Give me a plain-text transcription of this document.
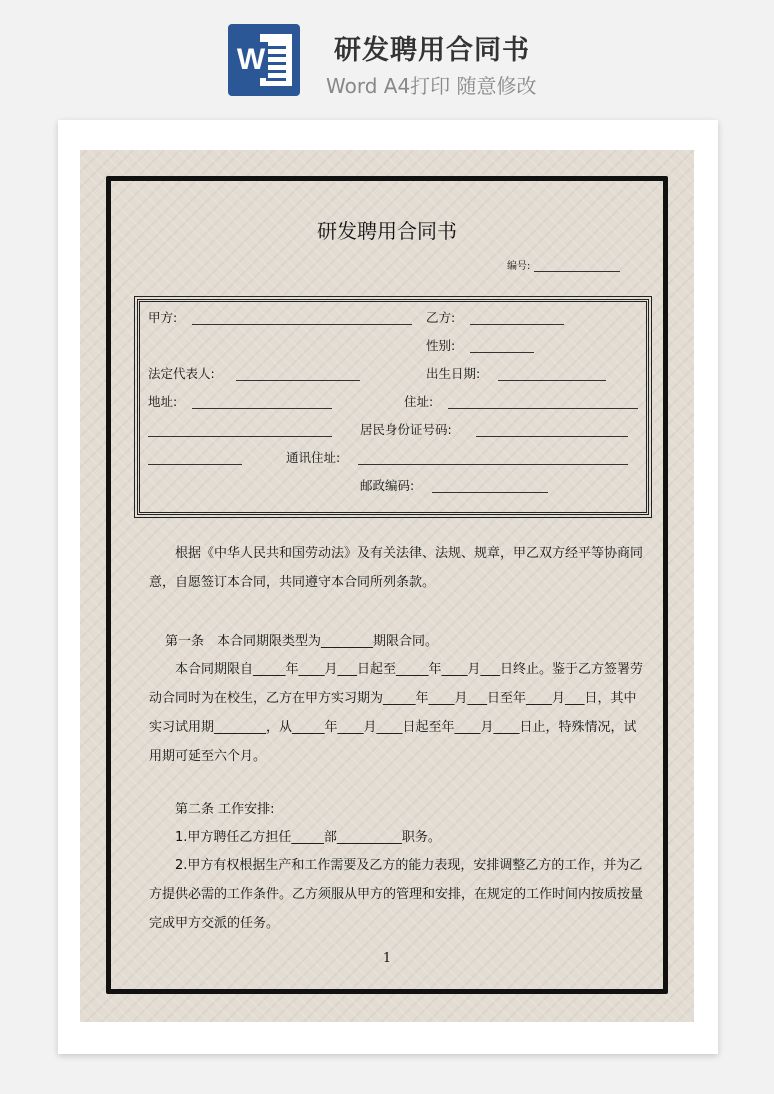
W	研发聘用合同书
Word A4打印 随意修改
研发聘用合同书
编号:
甲方:	乙方:
性别:
法定代表人:	出生日期:
地址:	住址:
居民身份证号码:
通讯住址:
邮政编码:
根据《中华人民共和国劳动法》及有关法律、法规、规章，甲乙双方经平等协商同意，自愿签订本合同，共同遵守本合同所列条款。
第一条　本合同期限类型为________期限合同。
本合同期限自_____年____月___日起至_____年____月___日终止。鉴于乙方签署劳动合同时为在校生，乙方在甲方实习期为_____年____月___日至年____月___日，其中实习试用期________，从_____年____月____日起至年____月____日止，特殊情况，试用期可延至六个月。
第二条 工作安排:
1.甲方聘任乙方担任_____部__________职务。
2.甲方有权根据生产和工作需要及乙方的能力表现，安排调整乙方的工作，并为乙方提供必需的工作条件。乙方须服从甲方的管理和安排，在规定的工作时间内按质按量完成甲方交派的任务。
1
